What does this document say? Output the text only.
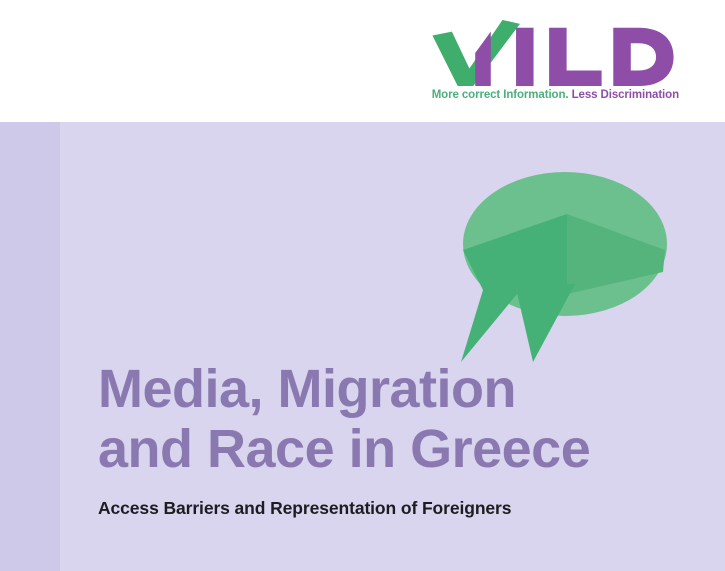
More correct Information. Less Discrimination
Media, Migration
and Race in Greece

Access Barriers and Representation of Foreigners
